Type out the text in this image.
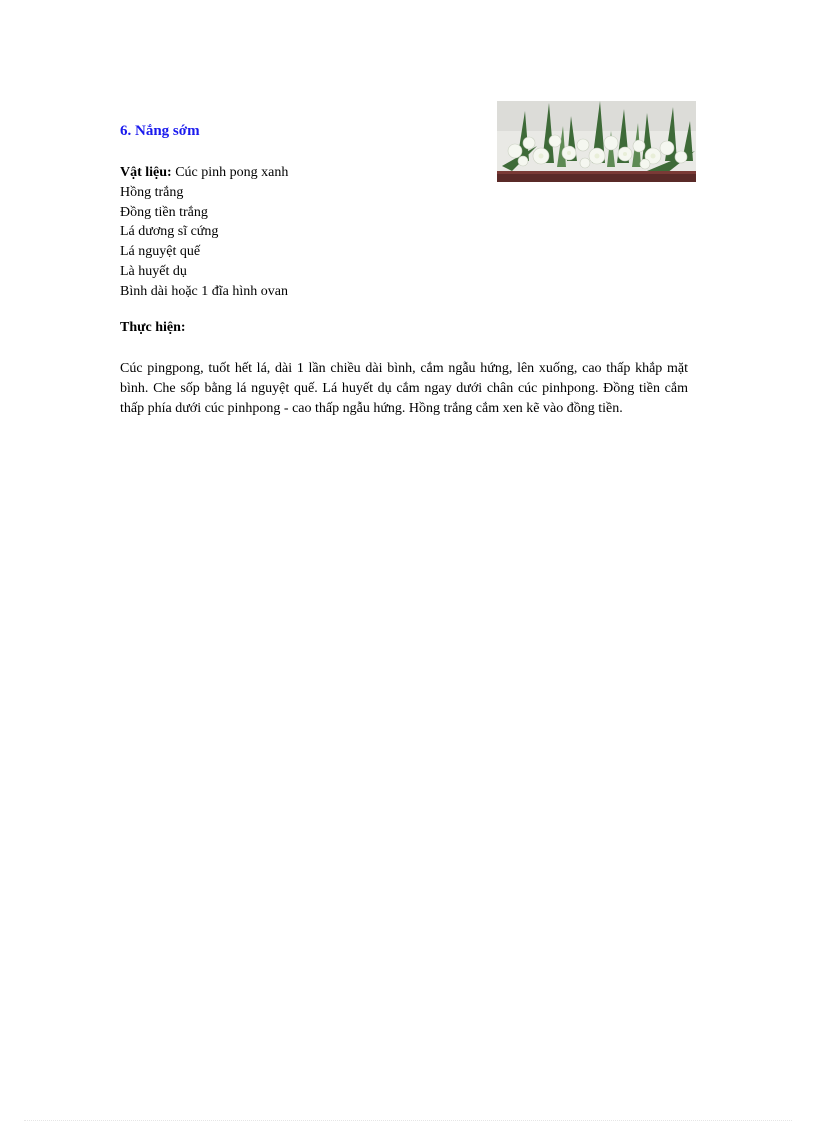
6. Nắng sớm
Vật liệu: Cúc pinh pong xanh
Hồng trắng
Đồng tiền trắng
Lá dương sĩ cứng
Lá nguyệt quế
Là huyết dụ
Bình dài hoặc 1 đĩa hình ovan
Thực hiện:

Cúc pingpong, tuốt hết lá, dài 1 lần chiều dài bình, cắm ngẫu hứng, lên xuống, cao thấp khắp mặt bình. Che sốp bằng lá nguyệt quế. Lá huyết dụ cắm ngay dưới chân cúc pinhpong. Đồng tiền cắm thấp phía dưới cúc pinhpong - cao thấp ngẫu hứng. Hồng trắng cắm xen kẽ vào đồng tiền.
